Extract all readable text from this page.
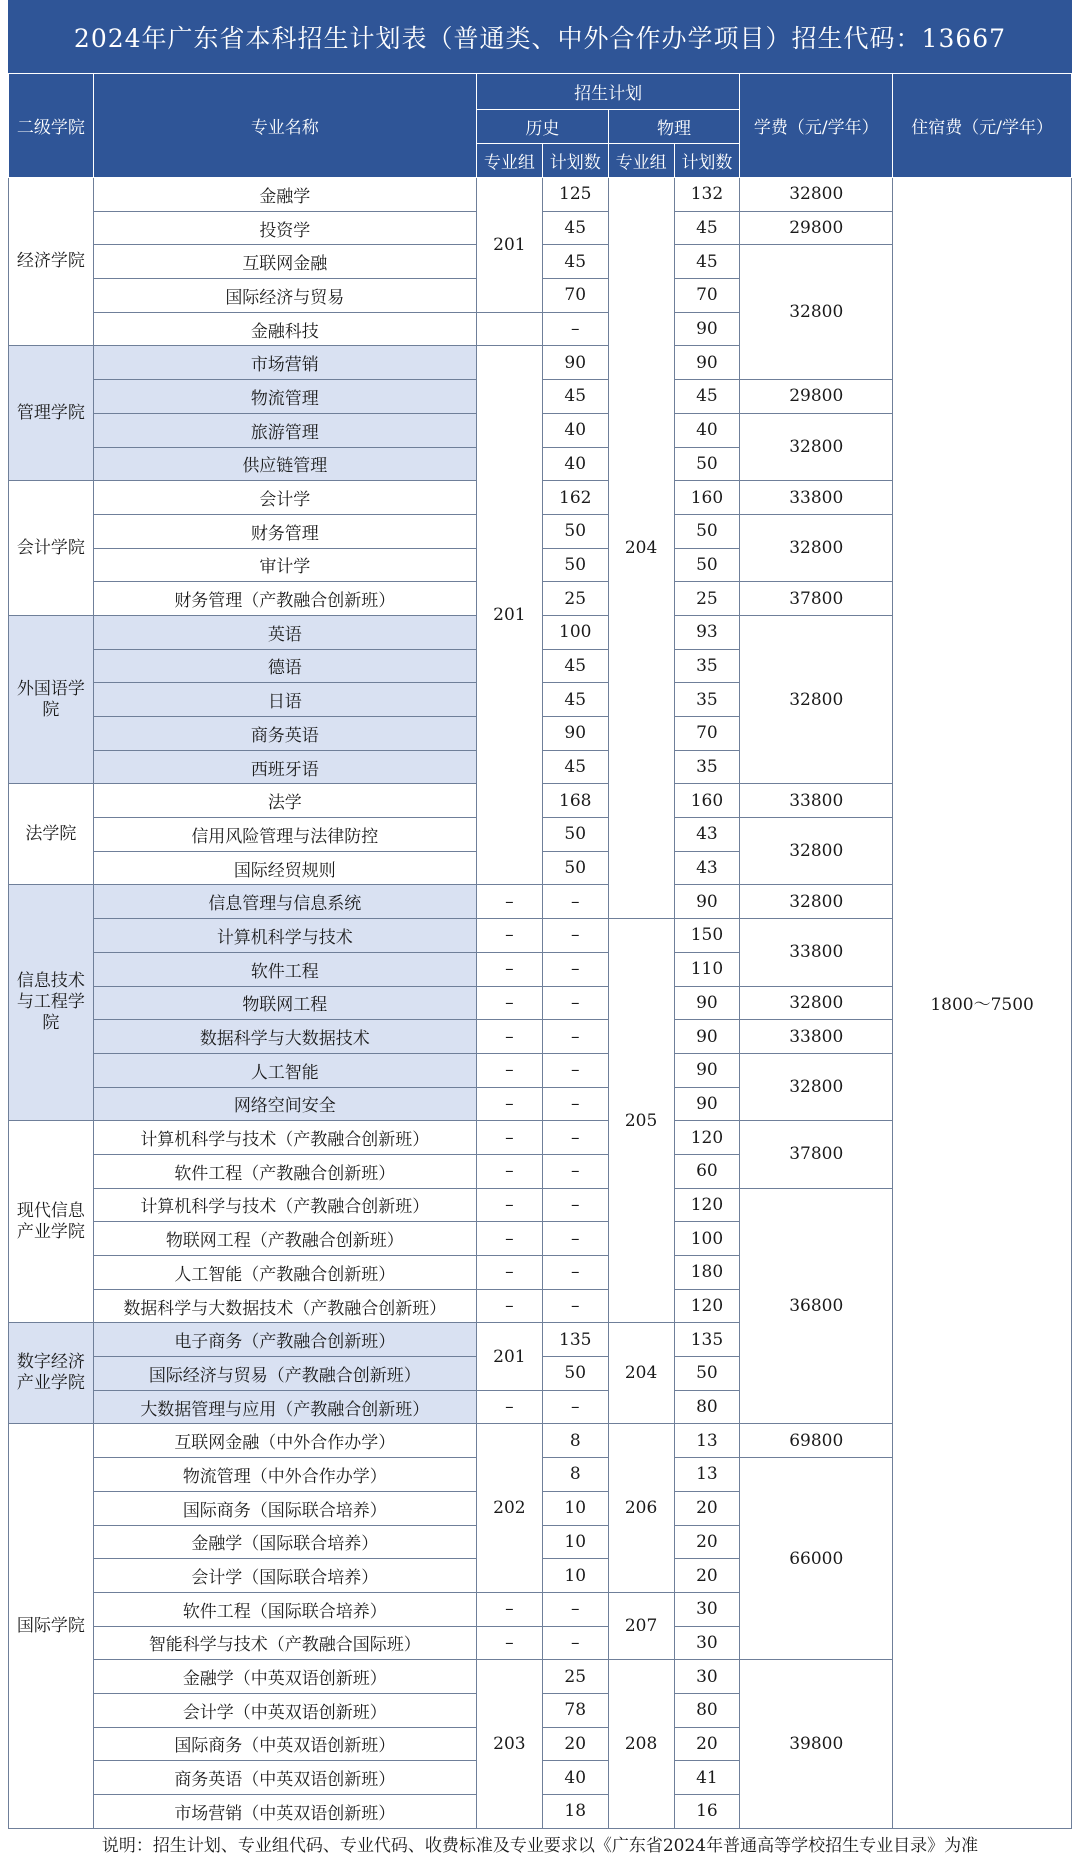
2024年广东省本科招生计划表（普通类、中外合作办学项目）招生代码：13667
二级学院	专业名称	招生计划				学费（元/学年）	住宿费（元/学年）
		历史		物理			
		专业组	计划数	专业组	计划数		
经济学院	金融学	201	125	204	132	32800	1800～7500
	投资学		45		45	29800	
	互联网金融		45		45	32800	
	国际经济与贸易		70		70		
	金融科技		–		90		
管理学院	市场营销	201	90		90		
	物流管理		45		45	29800	
	旅游管理		40		40	32800	
	供应链管理		40		50		
会计学院	会计学		162		160	33800	
	财务管理		50		50	32800	
	审计学		50		50		
	财务管理（产教融合创新班）		25		25	37800	
外国语学院	英语		100		93	32800	
	德语		45		35		
	日语		45		35		
	商务英语		90		70		
	西班牙语		45		35		
法学院	法学		168		160	33800	
	信用风险管理与法律防控		50		43	32800	
	国际经贸规则		50		43		
信息技术与工程学院	信息管理与信息系统	–	–		90	32800	
	计算机科学与技术	–	–	205	150	33800	
	软件工程	–	–		110		
	物联网工程	–	–		90	32800	
	数据科学与大数据技术	–	–		90	33800	
	人工智能	–	–		90	32800	
	网络空间安全	–	–		90		
现代信息产业学院	计算机科学与技术（产教融合创新班）	–	–		120	37800	
	软件工程（产教融合创新班）	–	–		60		
	计算机科学与技术（产教融合创新班）	–	–		120	36800	
	物联网工程（产教融合创新班）	–	–		100		
	人工智能（产教融合创新班）	–	–		180		
	数据科学与大数据技术（产教融合创新班）	–	–		120		
数字经济产业学院	电子商务（产教融合创新班）	201	135	204	135		
	国际经济与贸易（产教融合创新班）		50		50		
	大数据管理与应用（产教融合创新班）	–	–		80		
国际学院	互联网金融（中外合作办学）	202	8	206	13	69800	
	物流管理（中外合作办学）		8		13	66000	
	国际商务（国际联合培养）		10		20		
	金融学（国际联合培养）		10		20		
	会计学（国际联合培养）		10		20		
	软件工程（国际联合培养）	–	–	207	30		
	智能科学与技术（产教融合国际班）	–	–		30		
	金融学（中英双语创新班）	203	25	208	30	39800	
	会计学（中英双语创新班）		78		80		
	国际商务（中英双语创新班）		20		20		
	商务英语（中英双语创新班）		40		41		
	市场营销（中英双语创新班）		18		16		
说明：招生计划、专业组代码、专业代码、收费标准及专业要求以《广东省2024年普通高等学校招生专业目录》为准
